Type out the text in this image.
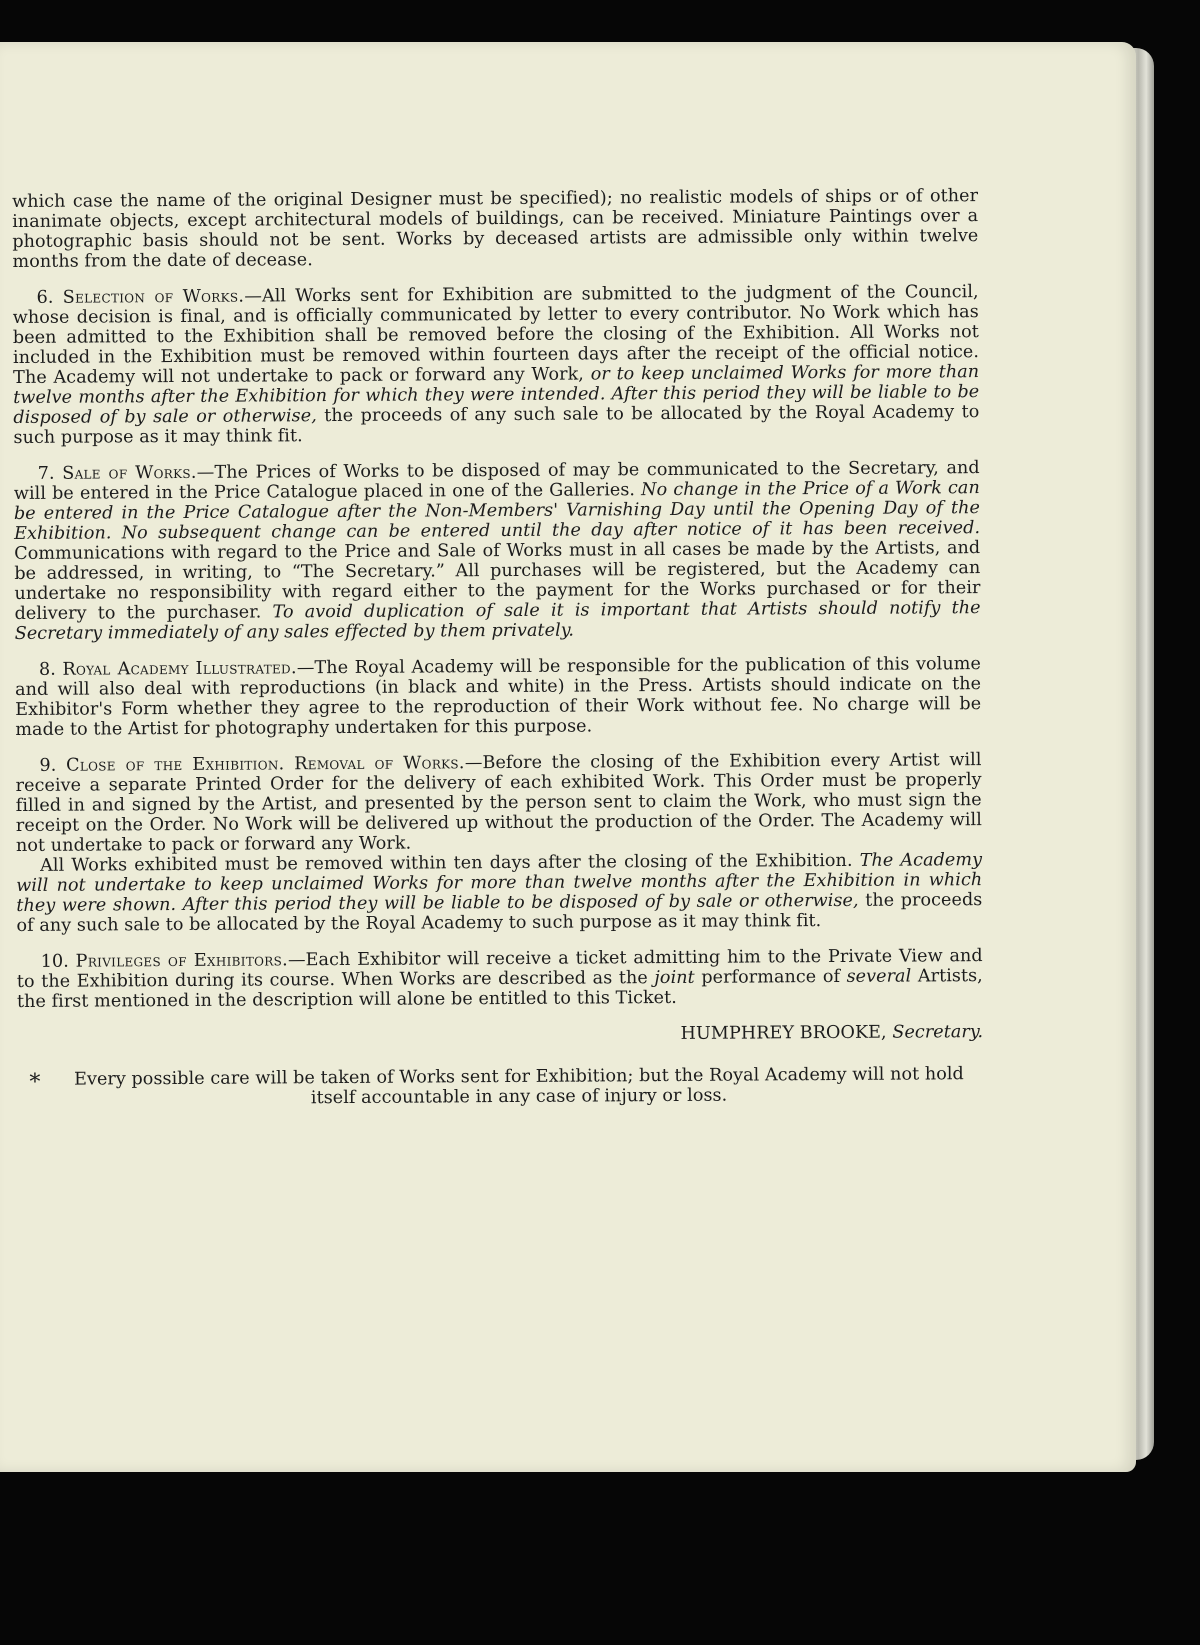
which case the name of the original Designer must be specified); no realistic models of ships or of other inanimate objects, except architectural models of buildings, can be received. Miniature Paintings over a photographic basis should not be sent. Works by deceased artists are admissible only within twelve months from the date of decease.

6. Selection of Works.—All Works sent for Exhibition are submitted to the judgment of the Council, whose decision is final, and is officially communicated by letter to every contributor. No Work which has been admitted to the Exhibition shall be removed before the closing of the Exhibition. All Works not included in the Exhibition must be removed within fourteen days after the receipt of the official notice. The Academy will not undertake to pack or forward any Work, or to keep unclaimed Works for more than twelve months after the Exhibition for which they were intended. After this period they will be liable to be disposed of by sale or otherwise, the proceeds of any such sale to be allocated by the Royal Academy to such purpose as it may think fit.

7. Sale of Works.—The Prices of Works to be disposed of may be communicated to the Secretary, and will be entered in the Price Catalogue placed in one of the Galleries. No change in the Price of a Work can be entered in the Price Catalogue after the Non-Members' Varnishing Day until the Opening Day of the Exhibition. No subsequent change can be entered until the day after notice of it has been received. Communications with regard to the Price and Sale of Works must in all cases be made by the Artists, and be addressed, in writing, to “The Secretary.” All purchases will be registered, but the Academy can undertake no responsibility with regard either to the payment for the Works purchased or for their delivery to the purchaser. To avoid duplication of sale it is important that Artists should notify the Secretary immediately of any sales effected by them privately.

8. Royal Academy Illustrated.—The Royal Academy will be responsible for the publication of this volume and will also deal with reproductions (in black and white) in the Press. Artists should indicate on the Exhibitor's Form whether they agree to the reproduction of their Work without fee. No charge will be made to the Artist for photography undertaken for this purpose.

9. Close of the Exhibition. Removal of Works.—Before the closing of the Exhibition every Artist will receive a separate Printed Order for the delivery of each exhibited Work. This Order must be properly filled in and signed by the Artist, and presented by the person sent to claim the Work, who must sign the receipt on the Order. No Work will be delivered up without the production of the Order. The Academy will not undertake to pack or forward any Work.

All Works exhibited must be removed within ten days after the closing of the Exhibition. The Academy will not undertake to keep unclaimed Works for more than twelve months after the Exhibition in which they were shown. After this period they will be liable to be disposed of by sale or otherwise, the proceeds of any such sale to be allocated by the Royal Academy to such purpose as it may think fit.

10. Privileges of Exhibitors.—Each Exhibitor will receive a ticket admitting him to the Private View and to the Exhibition during its course. When Works are described as the joint performance of several Artists, the first mentioned in the description will alone be entitled to this Ticket.

HUMPHREY BROOKE, Secretary.
*	Every possible care will be taken of Works sent for Exhibition; but the Royal Academy will not hold itself accountable in any case of injury or loss.
